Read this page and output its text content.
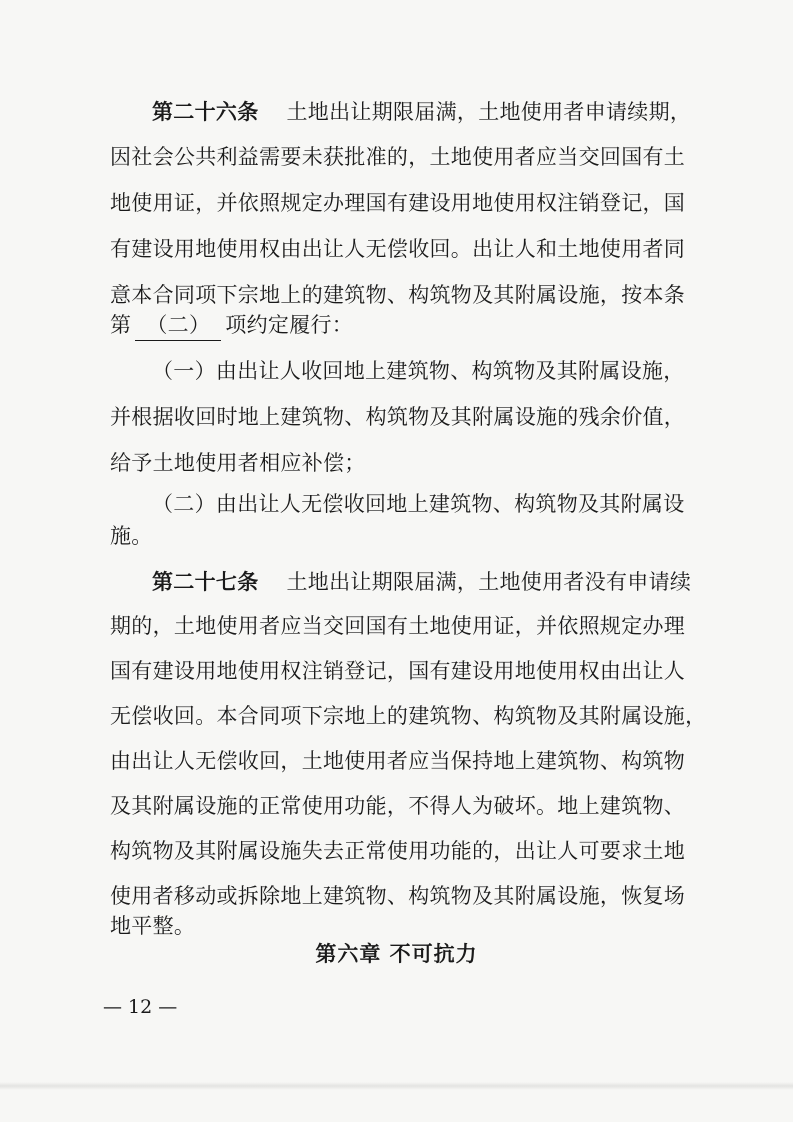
第二十六条 土地出让期限届满，土地使用者申请续期，
因社会公共利益需要未获批准的，土地使用者应当交回国有土
地使用证，并依照规定办理国有建设用地使用权注销登记，国
有建设用地使用权由出让人无偿收回。出让人和土地使用者同
意本合同项下宗地上的建筑物、构筑物及其附属设施，按本条
第 （二） 项约定履行：
（一）由出让人收回地上建筑物、构筑物及其附属设施，
并根据收回时地上建筑物、构筑物及其附属设施的残余价值，
给予土地使用者相应补偿；
（二）由出让人无偿收回地上建筑物、构筑物及其附属设
施。
第二十七条 土地出让期限届满，土地使用者没有申请续
期的，土地使用者应当交回国有土地使用证，并依照规定办理
国有建设用地使用权注销登记，国有建设用地使用权由出让人
无偿收回。本合同项下宗地上的建筑物、构筑物及其附属设施，
由出让人无偿收回，土地使用者应当保持地上建筑物、构筑物
及其附属设施的正常使用功能，不得人为破坏。地上建筑物、
构筑物及其附属设施失去正常使用功能的，出让人可要求土地
使用者移动或拆除地上建筑物、构筑物及其附属设施，恢复场
地平整。
第六章 不可抗力
— 12 —
